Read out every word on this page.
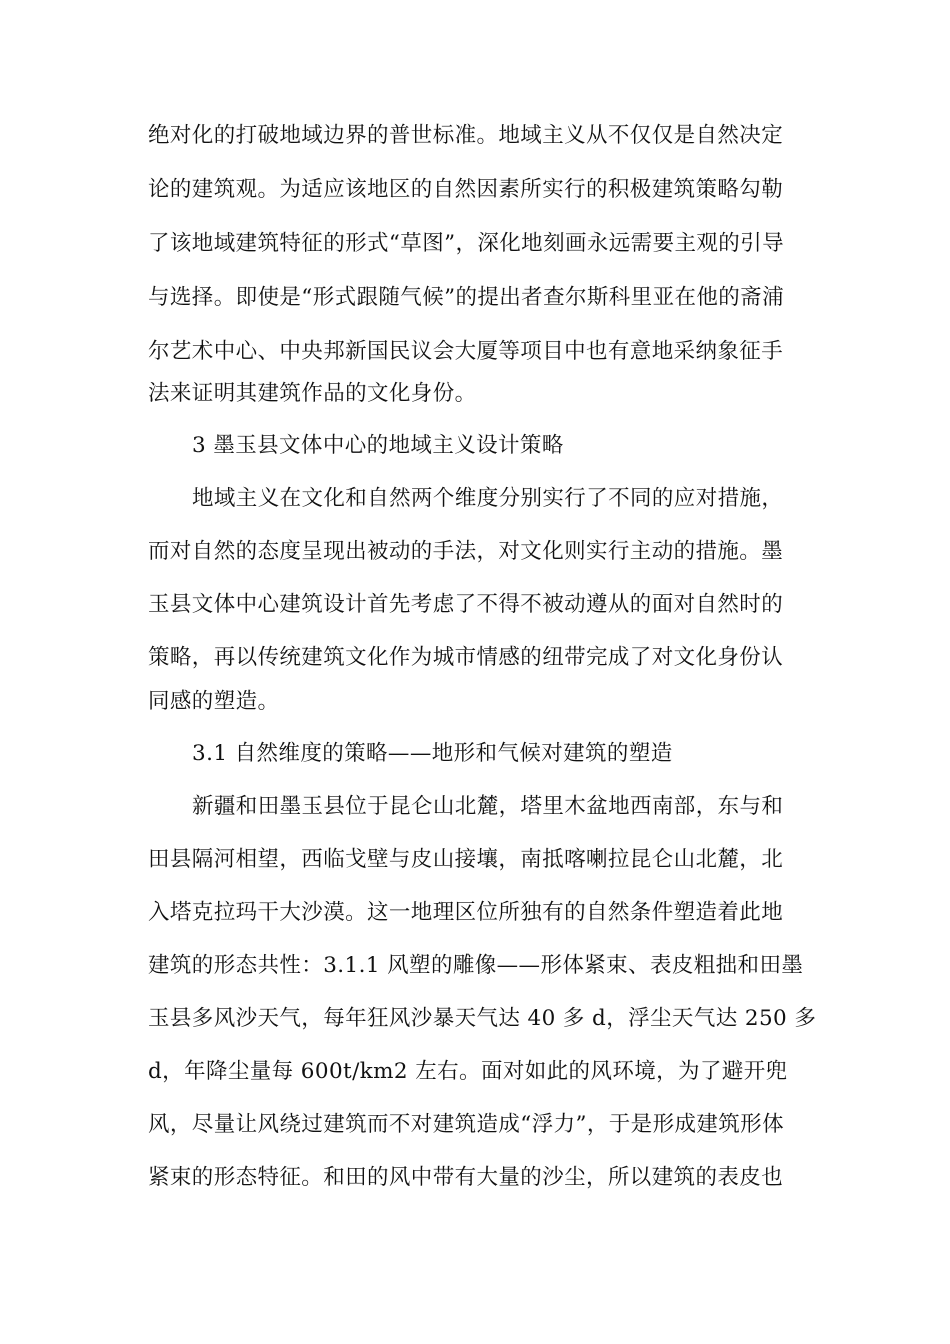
绝对化的打破地域边界的普世标准。地域主义从不仅仅是自然决定
论的建筑观。为适应该地区的自然因素所实行的积极建筑策略勾勒
了该地域建筑特征的形式“草图”，深化地刻画永远需要主观的引导
与选择。即使是“形式跟随气候”的提出者查尔斯科里亚在他的斋浦
尔艺术中心、中央邦新国民议会大厦等项目中也有意地采纳象征手
法来证明其建筑作品的文化身份。
3 墨玉县文体中心的地域主义设计策略
地域主义在文化和自然两个维度分别实行了不同的应对措施，
而对自然的态度呈现出被动的手法，对文化则实行主动的措施。墨
玉县文体中心建筑设计首先考虑了不得不被动遵从的面对自然时的
策略，再以传统建筑文化作为城市情感的纽带完成了对文化身份认
同感的塑造。
3.1 自然维度的策略——地形和气候对建筑的塑造
新疆和田墨玉县位于昆仑山北麓，塔里木盆地西南部，东与和
田县隔河相望，西临戈壁与皮山接壤，南抵喀喇拉昆仑山北麓，北
入塔克拉玛干大沙漠。这一地理区位所独有的自然条件塑造着此地
建筑的形态共性：3.1.1 风塑的雕像——形体紧束、表皮粗拙和田墨
玉县多风沙天气，每年狂风沙暴天气达 40 多 d，浮尘天气达 250 多
d，年降尘量每 600t/km2 左右。面对如此的风环境，为了避开兜
风，尽量让风绕过建筑而不对建筑造成“浮力”，于是形成建筑形体
紧束的形态特征。和田的风中带有大量的沙尘，所以建筑的表皮也
